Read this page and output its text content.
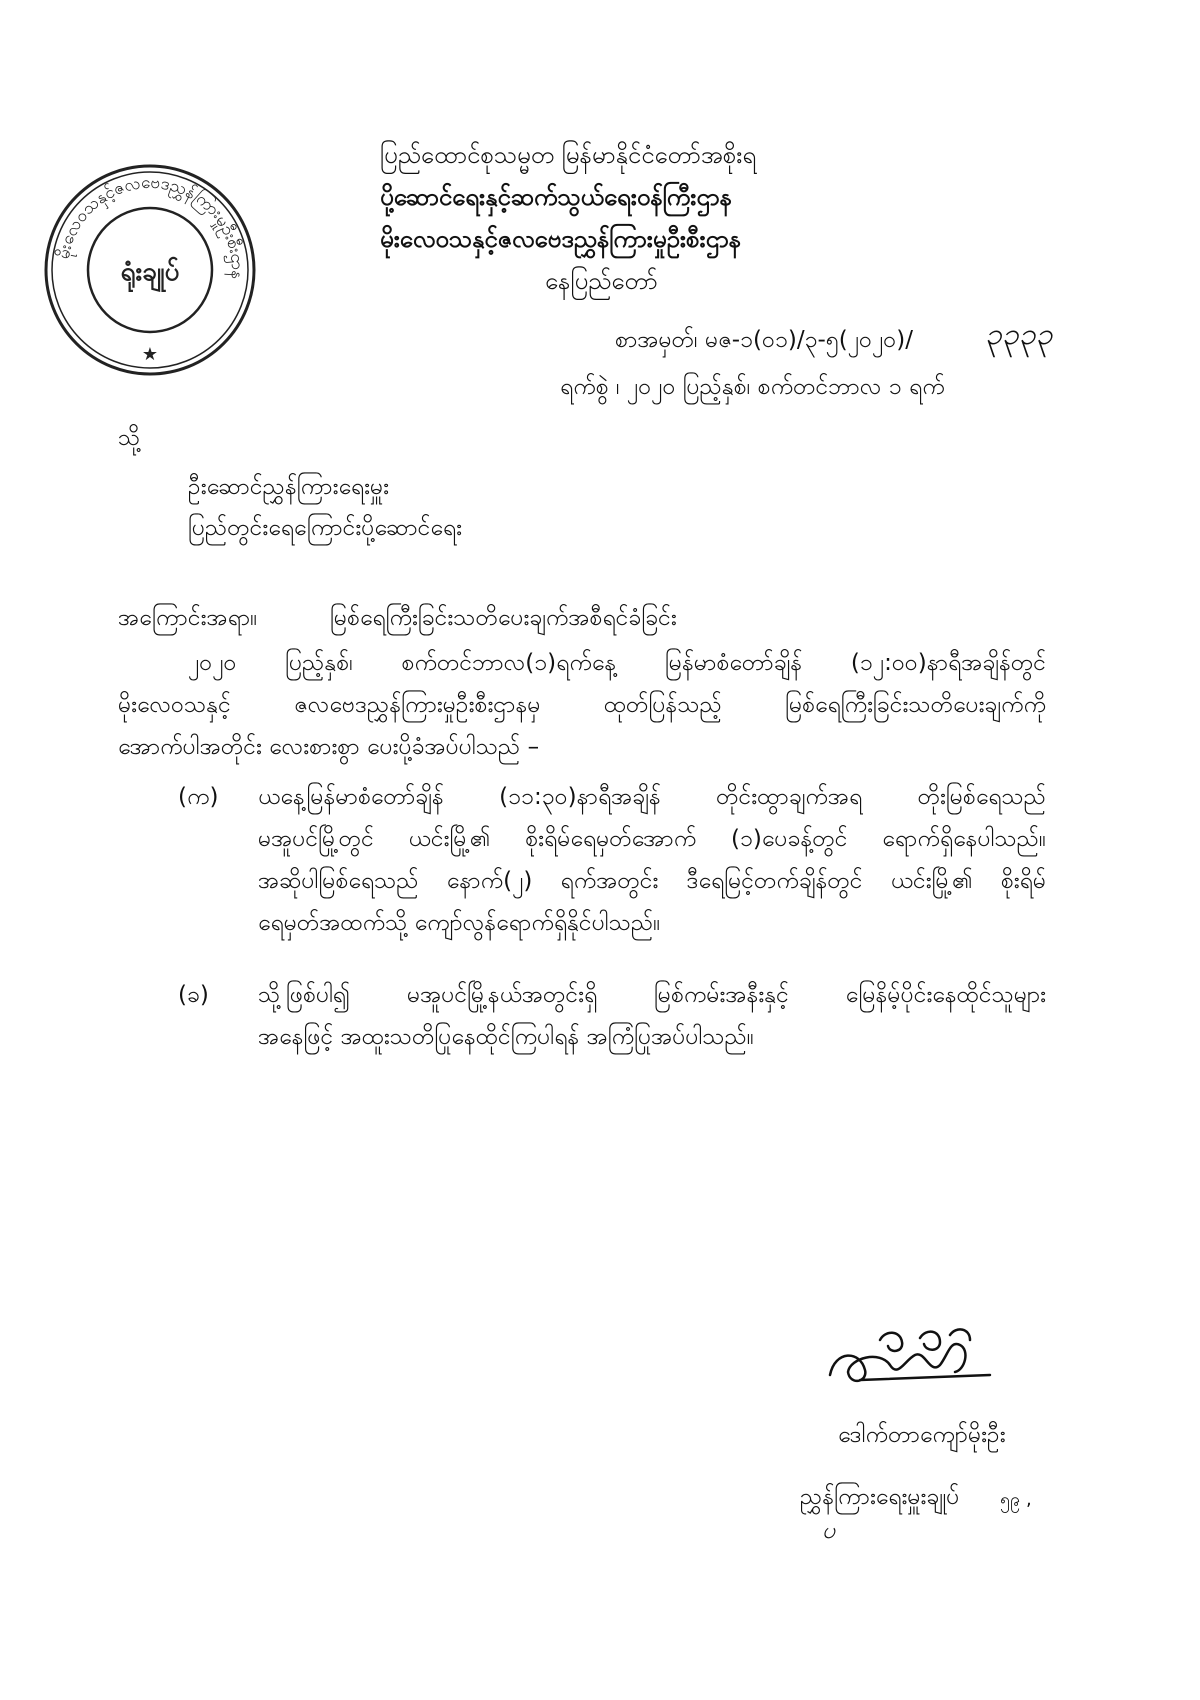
မိုးလေဝသနှင့်ဇလဗေဒညွှန်ကြားမှုဦးစီးဌာန
ရုံးချုပ်
★
ပြည်ထောင်စုသမ္မတ မြန်မာနိုင်ငံတော်အစိုးရ
ပို့ဆောင်ရေးနှင့်ဆက်သွယ်ရေးဝန်ကြီးဌာန
မိုးလေဝသနှင့်ဇလဗေဒညွှန်ကြားမှုဦးစီးဌာန
နေပြည်တော်
စာအမှတ်၊ မဇ-၁(၀၁)/၃-၅(၂၀၂၀)/ ၃၃၃၃
ရက်စွဲ ၊ ၂၀၂၀ ပြည့်နှစ်၊ စက်တင်ဘာလ ၁ ရက်
သို့
ဦးဆောင်ညွှန်ကြားရေးမှူး
ပြည်တွင်းရေကြောင်းပို့ဆောင်ရေး
အကြောင်းအရာ။	မြစ်ရေကြီးခြင်းသတိပေးချက်အစီရင်ခံခြင်း
၂၀၂၀ ပြည့်နှစ်၊ စက်တင်ဘာလ(၁)ရက်နေ့ မြန်မာစံတော်ချိန် (၁၂:၀၀)နာရီအချိန်တွင်
မိုးလေဝသနှင့် ဇလဗေဒညွှန်ကြားမှုဦးစီးဌာနမှ ထုတ်ပြန်သည့် မြစ်ရေကြီးခြင်းသတိပေးချက်ကို
အောက်ပါအတိုင်း လေးစားစွာ ပေးပို့ခံအပ်ပါသည် –
(က) ယနေ့မြန်မာစံတော်ချိန် (၁၁:၃၀)နာရီအချိန် တိုင်းထွာချက်အရ တိုးမြစ်ရေသည်
မအူပင်မြို့တွင် ယင်းမြို့၏ စိုးရိမ်ရေမှတ်အောက် (၁)ပေခန့်တွင် ရောက်ရှိနေပါသည်။
အဆိုပါမြစ်ရေသည် နောက်(၂) ရက်အတွင်း ဒီရေမြင့်တက်ချိန်တွင် ယင်းမြို့၏ စိုးရိမ်
ရေမှတ်အထက်သို့ ကျော်လွန်ရောက်ရှိနိုင်ပါသည်။
(ခ) သို့ဖြစ်ပါ၍ မအူပင်မြို့နယ်အတွင်းရှိ မြစ်ကမ်းအနီးနှင့် မြေနိမ့်ပိုင်းနေထိုင်သူများ
အနေဖြင့် အထူးသတိပြုနေထိုင်ကြပါရန် အကြံပြုအပ်ပါသည်။
ဒေါက်တာကျော်မိုးဦး
ညွှန်ကြားရေးမှူးချုပ်
ပ
၅၉ ,
